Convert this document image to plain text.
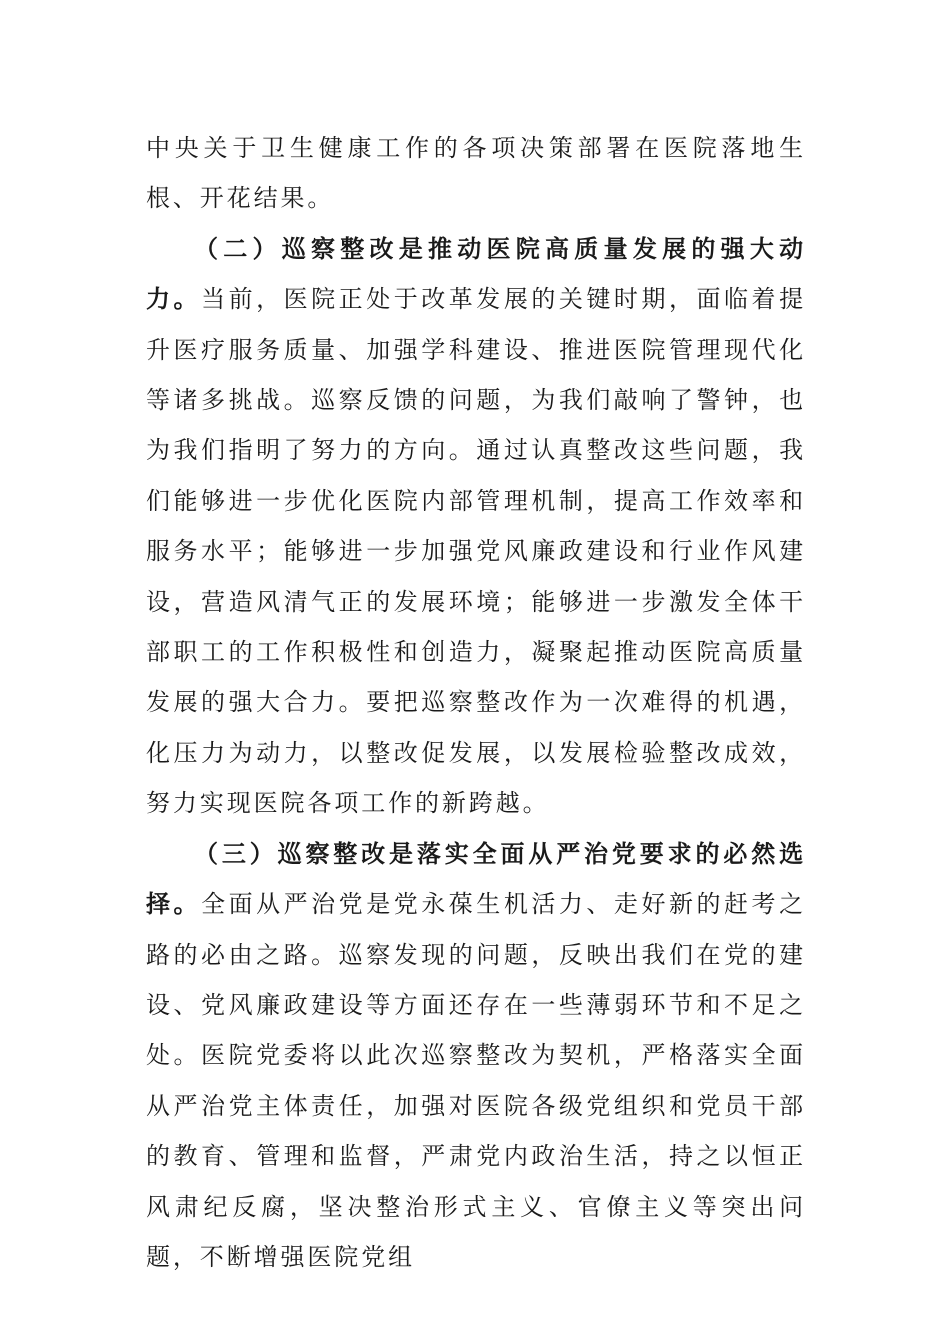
中央关于卫生健康工作的各项决策部署在医院落地生根、开花结果。

（二）巡察整改是推动医院高质量发展的强大动力。当前，医院正处于改革发展的关键时期，面临着提升医疗服务质量、加强学科建设、推进医院管理现代化等诸多挑战。巡察反馈的问题，为我们敲响了警钟，也为我们指明了努力的方向。通过认真整改这些问题，我们能够进一步优化医院内部管理机制，提高工作效率和服务水平；能够进一步加强党风廉政建设和行业作风建设，营造风清气正的发展环境；能够进一步激发全体干部职工的工作积极性和创造力，凝聚起推动医院高质量发展的强大合力。要把巡察整改作为一次难得的机遇，化压力为动力，以整改促发展，以发展检验整改成效，努力实现医院各项工作的新跨越。

（三）巡察整改是落实全面从严治党要求的必然选择。全面从严治党是党永葆生机活力、走好新的赶考之路的必由之路。巡察发现的问题，反映出我们在党的建设、党风廉政建设等方面还存在一些薄弱环节和不足之处。医院党委将以此次巡察整改为契机，严格落实全面从严治党主体责任，加强对医院各级党组织和党员干部的教育、管理和监督，严肃党内政治生活，持之以恒正风肃纪反腐，坚决整治形式主义、官僚主义等突出问题，不断增强医院党组
